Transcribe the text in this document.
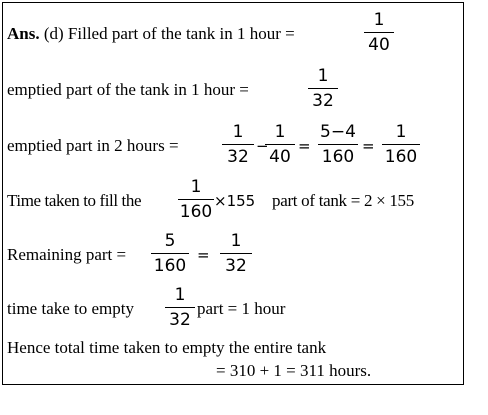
Ans. (d) Filled part of the tank in 1 hour =
1
40
emptied part of the tank in 1 hour =
1
32
emptied part in 2 hours =
1
32
−
1
40
=
5−4
160
=
1
160
Time taken to fill the
1
160
×155 part of tank = 2 × 155
Remaining part =
5
160
=
1
32
time take to empty
1
32
part = 1 hour
Hence total time taken to empty the entire tank
= 310 + 1 = 311 hours.
